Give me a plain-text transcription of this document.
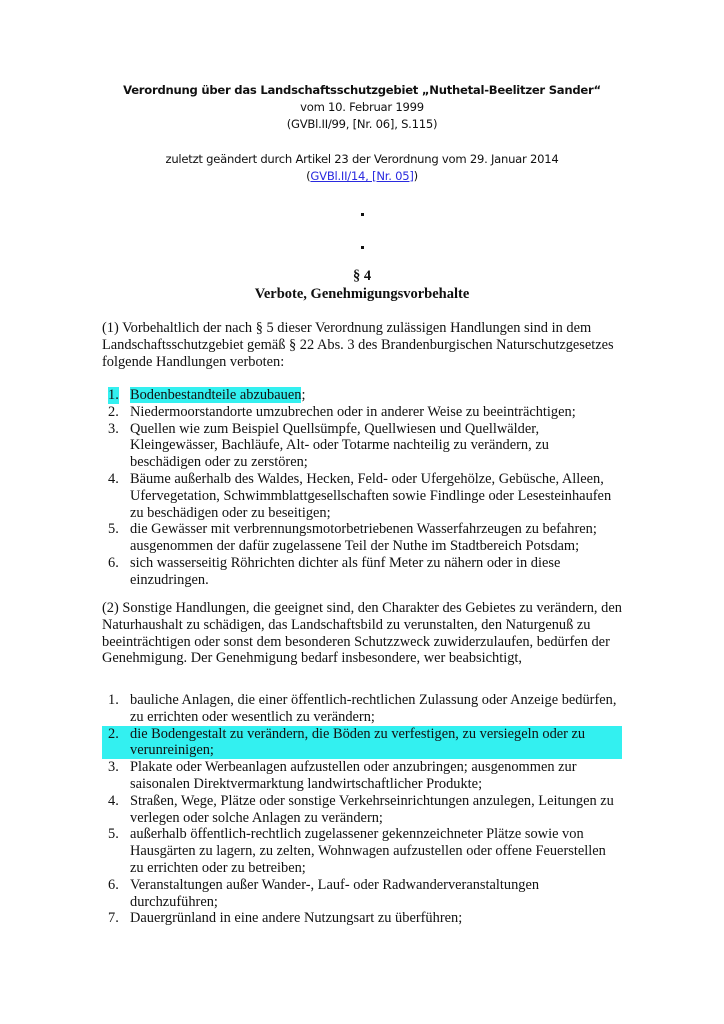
Verordnung über das Landschaftsschutzgebiet „Nuthetal-Beelitzer Sander“
vom 10. Februar 1999
(GVBl.II/99, [Nr. 06], S.115)
zuletzt geändert durch Artikel 23 der Verordnung vom 29. Januar 2014
(GVBl.II/14, [Nr. 05])
§ 4
Verbote, Genehmigungsvorbehalte
(1) Vorbehaltlich der nach § 5 dieser Verordnung zulässigen Handlungen sind in dem Landschaftsschutzgebiet gemäß § 22 Abs. 3 des Brandenburgischen Naturschutzgesetzes folgende Handlungen verboten:
1. Bodenbestandteile abzubauen;
2. Niedermoorstandorte umzubrechen oder in anderer Weise zu beeinträchtigen;
3. Quellen wie zum Beispiel Quellsümpfe, Quellwiesen und Quellwälder, Kleingewässer, Bachläufe, Alt- oder Totarme nachteilig zu verändern, zu beschädigen oder zu zerstören;
4. Bäume außerhalb des Waldes, Hecken, Feld- oder Ufergehölze, Gebüsche, Alleen, Ufervegetation, Schwimmblattgesellschaften sowie Findlinge oder Lesesteinhaufen zu beschädigen oder zu beseitigen;
5. die Gewässer mit verbrennungsmotorbetriebenen Wasserfahrzeugen zu befahren; ausgenommen der dafür zugelassene Teil der Nuthe im Stadtbereich Potsdam;
6. sich wasserseitig Röhrichten dichter als fünf Meter zu nähern oder in diese einzudringen.
(2) Sonstige Handlungen, die geeignet sind, den Charakter des Gebietes zu verändern, den Naturhaushalt zu schädigen, das Landschaftsbild zu verunstalten, den Naturgenuß zu beeinträchtigen oder sonst dem besonderen Schutzzweck zuwiderzulaufen, bedürfen der Genehmigung. Der Genehmigung bedarf insbesondere, wer beabsichtigt,
1. bauliche Anlagen, die einer öffentlich-rechtlichen Zulassung oder Anzeige bedürfen, zu errichten oder wesentlich zu verändern;
2. die Bodengestalt zu verändern, die Böden zu verfestigen, zu versiegeln oder zu verunreinigen;
3. Plakate oder Werbeanlagen aufzustellen oder anzubringen; ausgenommen zur saisonalen Direktvermarktung landwirtschaftlicher Produkte;
4. Straßen, Wege, Plätze oder sonstige Verkehrseinrichtungen anzulegen, Leitungen zu verlegen oder solche Anlagen zu verändern;
5. außerhalb öffentlich-rechtlich zugelassener gekennzeichneter Plätze sowie von Hausgärten zu lagern, zu zelten, Wohnwagen aufzustellen oder offene Feuerstellen zu errichten oder zu betreiben;
6. Veranstaltungen außer Wander-, Lauf- oder Radwanderveranstaltungen durchzuführen;
7. Dauergrünland in eine andere Nutzungsart zu überführen;
